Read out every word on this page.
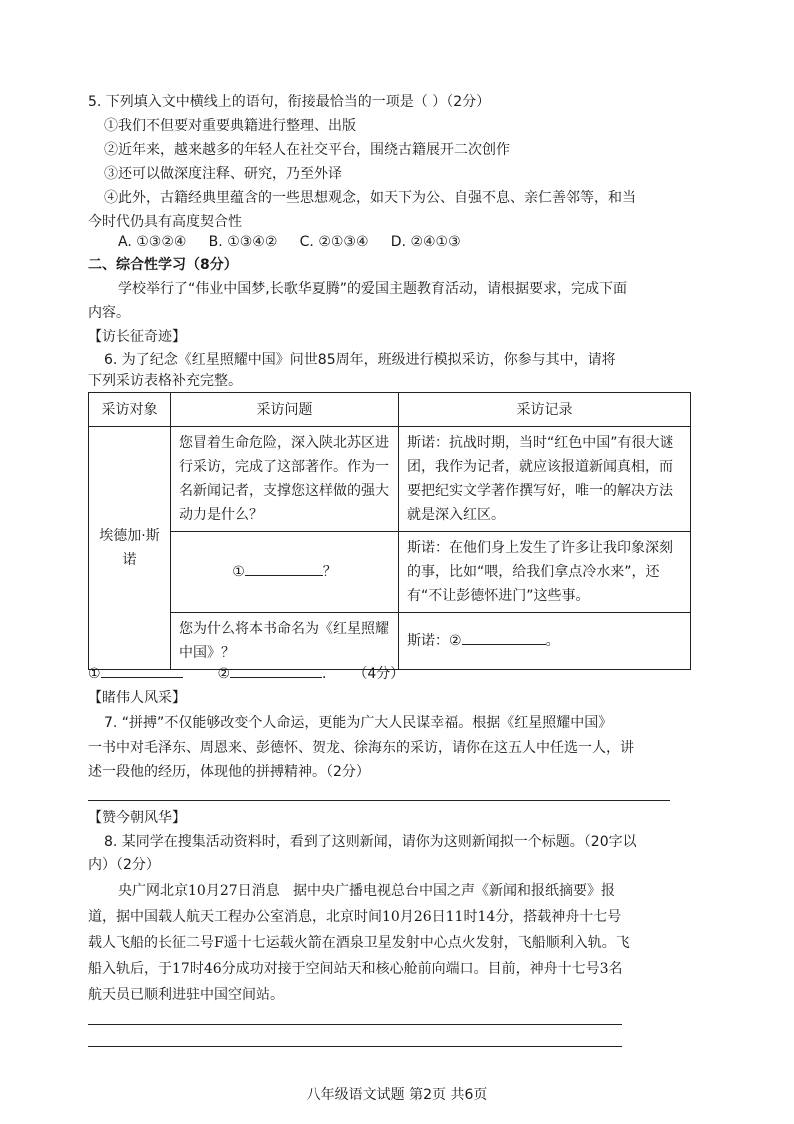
5. 下列填入文中横线上的语句，衔接最恰当的一项是（ ）（2分）
①我们不但要对重要典籍进行整理、出版
②近年来，越来越多的年轻人在社交平台，围绕古籍展开二次创作
③还可以做深度注释、研究，乃至外译
④此外，古籍经典里蕴含的一些思想观念，如天下为公、自强不息、亲仁善邻等，和当
今时代仍具有高度契合性
A. ①③②④     B. ①③④②     C. ②①③④     D. ②④①③
二、综合性学习（8分）
学校举行了“伟业中国梦,长歌华夏腾”的爱国主题教育活动，请根据要求，完成下面
内容。
【访长征奇迹】
6. 为了纪念《红星照耀中国》问世85周年，班级进行模拟采访，你参与其中，请将
下列采访表格补充完整。
采访对象	采访问题	采访记录
埃德加·斯诺	您冒着生命危险，深入陕北苏区进行采访，完成了这部著作。作为一名新闻记者，支撑您这样做的强大动力是什么？	斯诺：抗战时期，当时“红色中国”有很大谜团，我作为记者，就应该报道新闻真相，而要把纪实文学著作撰写好，唯一的解决方法就是深入红区。
	① ？	斯诺：在他们身上发生了许多让我印象深刻的事，比如“喂，给我们拿点冷水来”，还有“不让彭德怀进门”这些事。
	您为什么将本书命名为《红星照耀中国》？	斯诺：② 。
①	②	. （4分）
【睹伟人风采】
7. “拼搏”不仅能够改变个人命运，更能为广大人民谋幸福。根据《红星照耀中国》
一书中对毛泽东、周恩来、彭德怀、贺龙、徐海东的采访，请你在这五人中任选一人，讲
述一段他的经历，体现他的拼搏精神。（2分）
【赞今朝风华】
8. 某同学在搜集活动资料时，看到了这则新闻，请你为这则新闻拟一个标题。（20字以
内）（2分）
央广网北京10月27日消息   据中央广播电视总台中国之声《新闻和报纸摘要》报
道，据中国载人航天工程办公室消息，北京时间10月26日11时14分，搭载神舟十七号
载人飞船的长征二号F遥十七运载火箭在酒泉卫星发射中心点火发射，飞船顺利入轨。飞
船入轨后，于17时46分成功对接于空间站天和核心舱前向端口。目前，神舟十七号3名
航天员已顺利进驻中国空间站。
八年级语文试题 第2页 共6页
